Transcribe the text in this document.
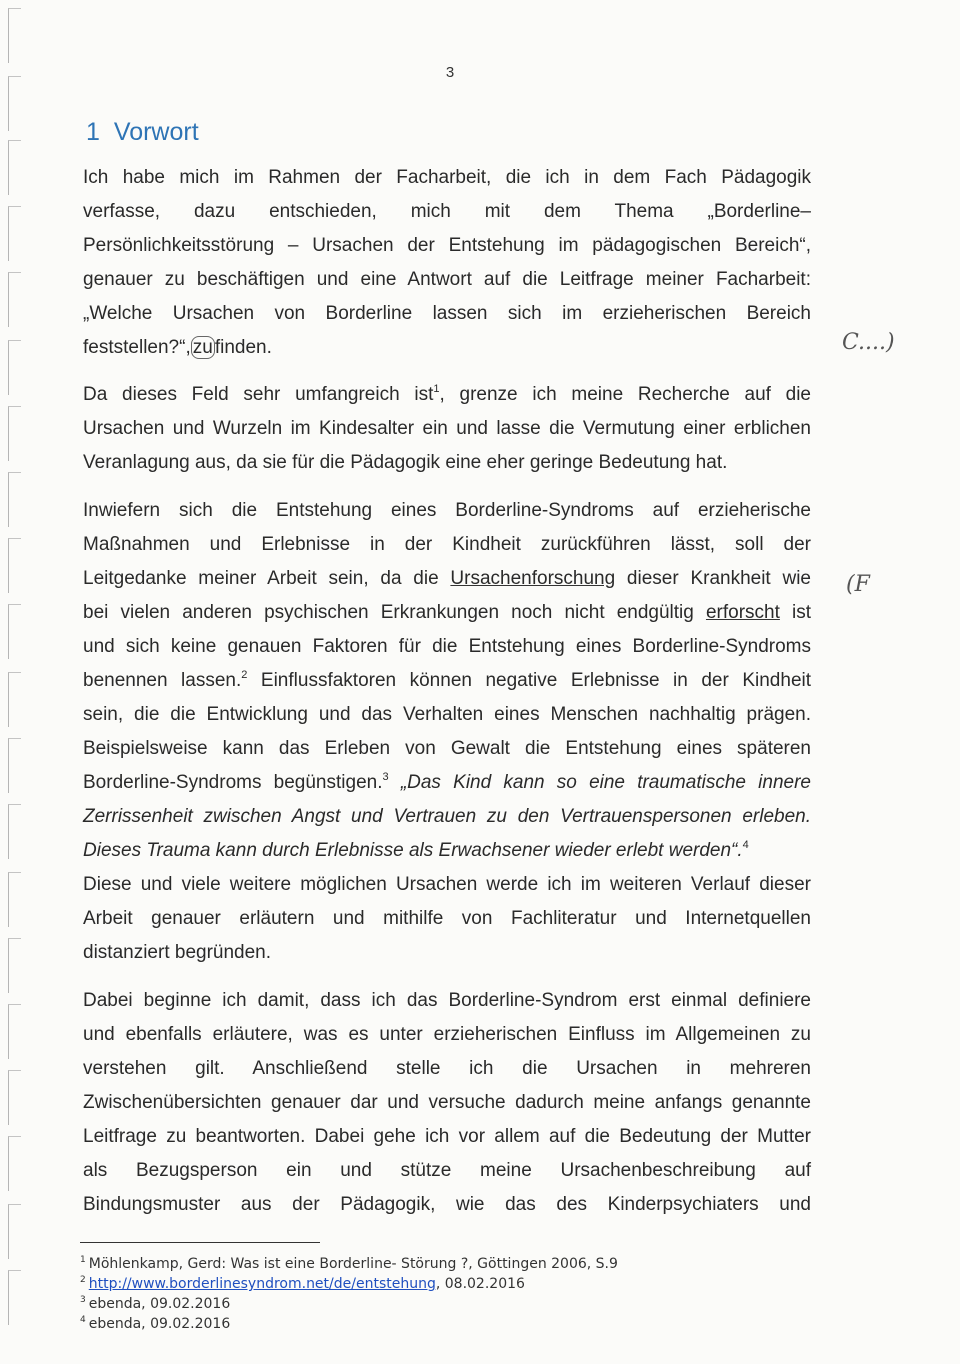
3
1 Vorwort
Ich habe mich im Rahmen der Facharbeit, die ich in dem Fach Pädagogik
verfasse, dazu entschieden, mich mit dem Thema „Borderline–
Persönlichkeitsstörung – Ursachen der Entstehung im pädagogischen Bereich“,
genauer zu beschäftigen und eine Antwort auf die Leitfrage meiner Facharbeit:
„Welche Ursachen von Borderline lassen sich im erzieherischen Bereich
feststellen?“, zu finden.
Da dieses Feld sehr umfangreich ist$^1$, grenze ich meine Recherche auf die
Ursachen und Wurzeln im Kindesalter ein und lasse die Vermutung einer erblichen
Veranlagung aus, da sie für die Pädagogik eine eher geringe Bedeutung hat.
Inwiefern sich die Entstehung eines Borderline-Syndroms auf erzieherische
Maßnahmen und Erlebnisse in der Kindheit zurückführen lässt, soll der
Leitgedanke meiner Arbeit sein, da die Ursachenforschung dieser Krankheit wie
bei vielen anderen psychischen Erkrankungen noch nicht endgültig erforscht ist
und sich keine genauen Faktoren für die Entstehung eines Borderline-Syndroms
benennen lassen.$^2$ Einflussfaktoren können negative Erlebnisse in der Kindheit
sein, die die Entwicklung und das Verhalten eines Menschen nachhaltig prägen.
Beispielsweise kann das Erleben von Gewalt die Entstehung eines späteren
Borderline-Syndroms begünstigen.$^3$ „Das Kind kann so eine traumatische innere
Zerrissenheit zwischen Angst und Vertrauen zu den Vertrauenspersonen erleben.
Dieses Trauma kann durch Erlebnisse als Erwachsener wieder erlebt werden“.$^4$
Diese und viele weitere möglichen Ursachen werde ich im weiteren Verlauf dieser
Arbeit genauer erläutern und mithilfe von Fachliteratur und Internetquellen
distanziert begründen.
Dabei beginne ich damit, dass ich das Borderline-Syndrom erst einmal definiere
und ebenfalls erläutere, was es unter erzieherischen Einfluss im Allgemeinen zu
verstehen gilt. Anschließend stelle ich die Ursachen in mehreren
Zwischenübersichten genauer dar und versuche dadurch meine anfangs genannte
Leitfrage zu beantworten. Dabei gehe ich vor allem auf die Bedeutung der Mutter
als Bezugsperson ein und stütze meine Ursachenbeschreibung auf
Bindungsmuster aus der Pädagogik, wie das des Kinderpsychiaters und
C....)
(F
$^1$ Möhlenkamp, Gerd: Was ist eine Borderline- Störung ?, Göttingen 2006, S.9
$^2$ http://www.borderlinesyndrom.net/de/entstehung, 08.02.2016
$^3$ ebenda, 09.02.2016
$^4$ ebenda, 09.02.2016
